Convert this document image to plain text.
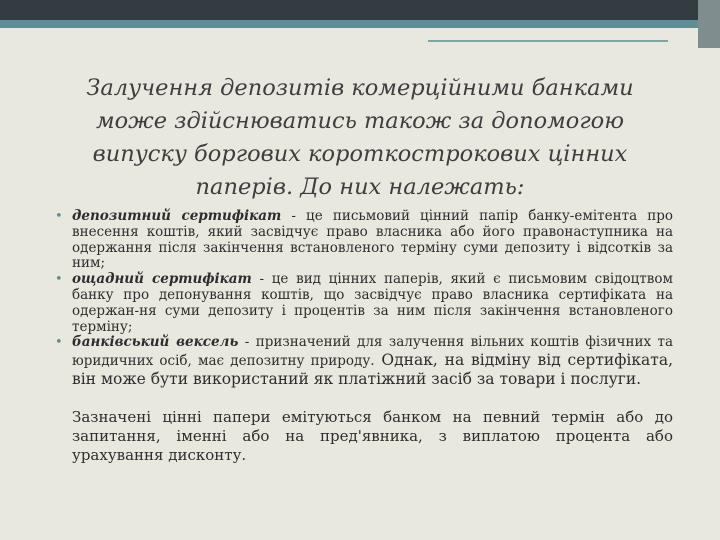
Залучення депозитів комерційними банками може здійснюватись також за допомогою випуску боргових короткострокових цінних паперів. До них належать:
• депозитний сертифікат - це письмовий цінний папір банку-емітента про внесення коштів, який засвідчує право власника або його правонаступника на одержання після закінчення встановленого терміну суми депозиту і відсотків за ним;
• ощадний сертифікат - це вид цінних паперів, який є письмовим свідоцтвом банку про депонування коштів, що засвідчує право власника сертифіката на одержан-ня суми депозиту і процентів за ним після закінчення встановленого терміну;
• банківський вексель - призначений для залучення вільних коштів фізичних та юридичних осіб, має депозитну природу. Однак, на відміну від сертифіката, він може бути використаний як платіжний засіб за товари і послуги.

Зазначені цінні папери емітуються банком на певний термін або до запитання, іменні або на пред'явника, з виплатою процента або урахування дисконту.
